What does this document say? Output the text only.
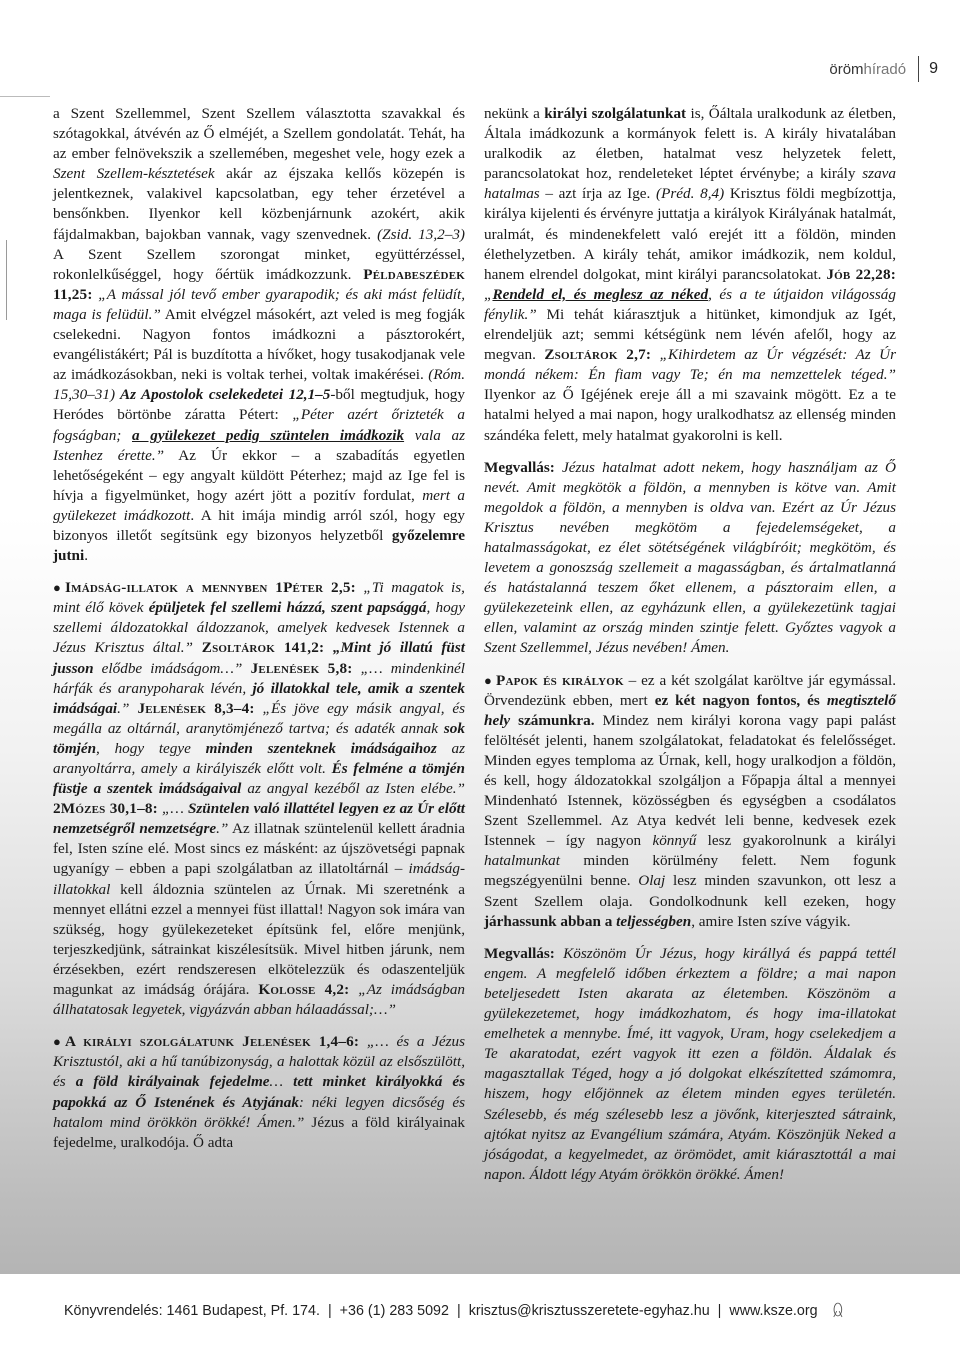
örömhíradó 9

a Szent Szellemmel, Szent Szellem választotta szavakkal és szótagokkal, átvévén az Ő elméjét, a Szellem gondolatát. Tehát, ha az ember felnövekszik a szellemében, megeshet vele, hogy ezek a Szent Szellem-késztetések akár az éjszaka kellős közepén is jelentkeznek, valakivel kapcsolatban, egy teher érzetével a bensőnkben. Ilyenkor kell közbenjárnunk azokért, akik fájdalmakban, bajokban vannak, vagy szenvednek. (Zsid. 13,2–3) A Szent Szellem szorongat minket, együttérzéssel, rokonlelkűséggel, hogy őértük imádkozzunk. Példabeszédek 11,25: „A mással jól tevő ember gyarapodik; és aki mást felüdít, maga is felüdül.” Amit elvégzel másokért, azt veled is meg fogják cselekedni. Nagyon fontos imádkozni a pásztorokért, evangélistákért; Pál is buzdította a hívőket, hogy tusakodjanak vele az imádkozásokban, neki is voltak terhei, voltak imakérései. (Róm. 15,30–31) Az Apostolok cselekedetei 12,1–5-ből megtudjuk, hogy Heródes börtönbe záratta Pétert: „Péter azért őrizteték a fogságban; a gyülekezet pedig szüntelen imádkozik vala az Istenhez érette.” Az Úr ekkor – a szabadítás egyetlen lehetőségeként – egy angyalt küldött Péterhez; majd az Ige fel is hívja a figyelmünket, hogy azért jött a pozitív fordulat, mert a gyülekezet imádkozott. A hit imája mindig arról szól, hogy egy bizonyos illetőt segítsünk egy bizonyos helyzetből győzelemre jutni.

● Imádság-illatok a mennyben 1Péter 2,5: „Ti magatok is, mint élő kövek épüljetek fel szellemi házzá, szent papsággá, hogy szellemi áldozatokkal áldozzanok, amelyek kedvesek Istennek a Jézus Krisztus által.” Zsoltárok 141,2: „Mint jó illatú füst jusson elődbe imádságom…” Jelenések 5,8: „… mindenkinél hárfák és aranypoharak lévén, jó illatokkal tele, amik a szentek imádságai.” Jelenések 8,3–4: „És jöve egy másik angyal, és megálla az oltárnál, aranytömjénező tartva; és adaték annak sok tömjén, hogy tegye minden szenteknek imádságaihoz az aranyoltárra, amely a királyiszék előtt volt. És felméne a tömjén füstje a szentek imádságaival az angyal kezéből az Isten elébe.” 2Mózes 30,1–8: „… Szüntelen való illattétel legyen ez az Úr előtt nemzetségről nemzetségre.” Az illatnak szüntelenül kellett áradnia fel, Isten színe elé. Most sincs ez másként: az újszövetségi papnak ugyanígy – ebben a papi szolgálatban az illatoltárnál – imádság-illatokkal kell áldoznia szüntelen az Úrnak. Mi szeretnénk a mennyet ellátni ezzel a mennyei füst illattal! Nagyon sok imára van szükség, hogy gyülekezeteket építsünk fel, előre menjünk, terjeszkedjünk, sátrainkat kiszélesítsük. Mivel hitben járunk, nem érzésekben, ezért rendszeresen elkötelezzük és odaszenteljük magunkat az imádság órájára. Kolosse 4,2: „Az imádságban állhatatosak legyetek, vigyázván abban hálaadással;…”

● A királyi szolgálatunk Jelenések 1,4–6: „… és a Jézus Krisztustól, aki a hű tanúbizonyság, a halottak közül az elsőszülött, és a föld királyainak fejedelme… tett minket királyokká és papokká az Ő Istenének és Atyjának: néki legyen dicsőség és hatalom mind örökkön örökké! Ámen.” Jézus a föld királyainak fejedelme, uralkodója. Ő adta

nekünk a királyi szolgálatunkat is, Őáltala uralkodunk az életben, Általa imádkozunk a kormányok felett is. A király hivatalában uralkodik az életben, hatalmat vesz helyzetek felett, parancsolatokat hoz, rendeleteket léptet érvénybe; a király szava hatalmas – azt írja az Ige. (Préd. 8,4) Krisztus földi megbízottja, királya kijelenti és érvényre juttatja a királyok Királyának hatalmát, uralmát, és mindenekfelett való erejét itt a földön, minden élethelyzetben. A király tehát, amikor imádkozik, nem koldul, hanem elrendel dolgokat, mint királyi parancsolatokat. Jób 22,28: „Rendeld el, és meglesz az néked, és a te útjaidon világosság fénylik.” Mi tehát kiárasztjuk a hitünket, kimondjuk az Igét, elrendeljük azt; semmi kétségünk nem lévén afelől, hogy az megvan. Zsoltárok 2,7: „Kihirdetem az Úr végzését: Az Úr mondá nékem: Én fiam vagy Te; én ma nemzettelek téged.” Ilyenkor az Ő Igéjének ereje áll a mi szavaink mögött. Ez a te hatalmi helyed a mai napon, hogy uralkodhatsz az ellenség minden szándéka felett, mely hatalmat gyakorolni is kell.

Megvallás: Jézus hatalmat adott nekem, hogy használjam az Ő nevét. Amit megkötök a földön, a mennyben is kötve van. Amit megoldok a földön, a mennyben is oldva van. Ezért az Úr Jézus Krisztus nevében megkötöm a fejedelemségeket, a hatalmasságokat, ez élet sötétségének világbíróit; megkötöm, és levetem a gonoszság szellemeit a magasságban, és ártalmatlanná és hatástalanná teszem őket ellenem, a pásztoraim ellen, a gyülekezeteink ellen, az egyházunk ellen, a gyülekezetünk tagjai ellen, valamint az ország minden szintje felett. Győztes vagyok a Szent Szellemmel, Jézus nevében! Ámen.

● Papok és királyok – ez a két szolgálat karöltve jár egymással. Örvendezünk ebben, mert ez két nagyon fontos, és megtisztelő hely számunkra. Mindez nem királyi korona vagy papi palást felöltését jelenti, hanem szolgálatokat, feladatokat és felelősséget. Minden egyes temploma az Úrnak, kell, hogy uralkodjon a földön, és kell, hogy áldozatokkal szolgáljon a Főpapja által a mennyei Mindenható Istennek, közösségben és egységben a csodálatos Szent Szellemmel. Az Atya kedvét leli benne, kedvesek ezek Istennek – így nagyon könnyű lesz gyakorolnunk a királyi hatalmunkat minden körülmény felett. Nem fogunk megszégyenülni benne. Olaj lesz minden szavunkon, ott lesz a Szent Szellem olaja. Gondolkodnunk kell ezeken, hogy járhassunk abban a teljességben, amire Isten szíve vágyik.

Megvallás: Köszönöm Úr Jézus, hogy királlyá és pappá tettél engem. A megfelelő időben érkeztem a földre; a mai napon beteljesedett Isten akarata az életemben. Köszönöm a gyülekezetemet, hogy imádkozhatom, és hogy ima-illatokat emelhetek a mennybe. Ímé, itt vagyok, Uram, hogy cselekedjem a Te akaratodat, ezért vagyok itt ezen a földön. Áldalak és magasztallak Téged, hogy a jó dolgokat elkészítetted számomra, hiszem, hogy előjönnek az életem minden egyes területén. Szélesebb, és még szélesebb lesz a jövőnk, kiterjeszted sátraink, ajtókat nyitsz az Evangélium számára, Atyám. Köszönjük Neked a jóságodat, a kegyelmedet, az örömödet, amit kiárasztottál a mai napon. Áldott légy Atyám örökkön örökké. Ámen!

Könyvrendelés: 1461 Budapest, Pf. 174. | +36 (1) 283 5092 | krisztus@krisztusszeretete-egyhaz.hu | www.ksze.org ꆰ
